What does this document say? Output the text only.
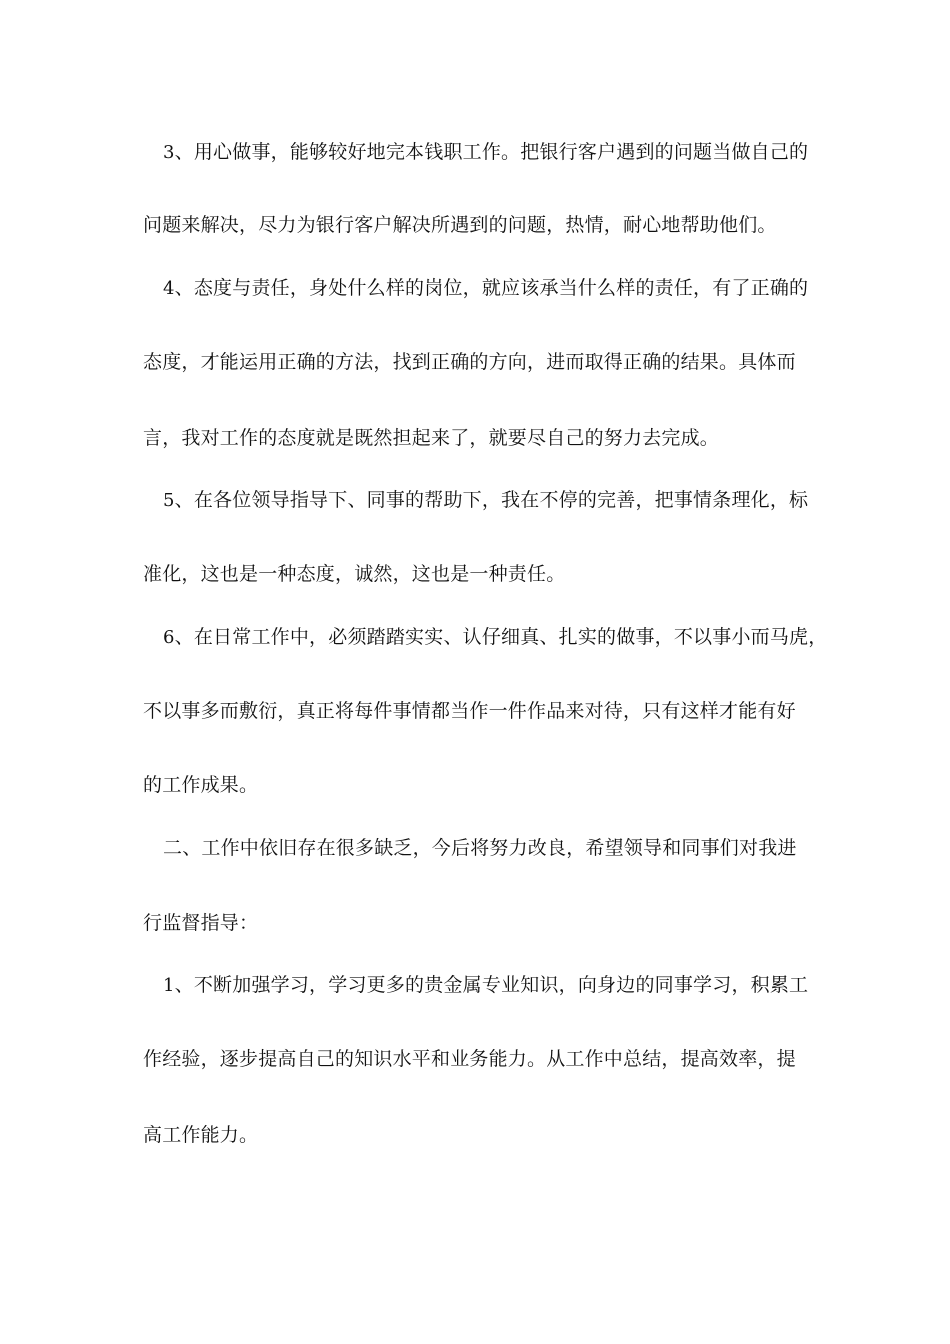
3、用心做事，能够较好地完本钱职工作。把银行客户遇到的问题当做自己的
问题来解决，尽力为银行客户解决所遇到的问题，热情，耐心地帮助他们。
4、态度与责任，身处什么样的岗位，就应该承当什么样的责任，有了正确的
态度，才能运用正确的方法，找到正确的方向，进而取得正确的结果。具体而
言，我对工作的态度就是既然担起来了，就要尽自己的努力去完成。
5、在各位领导指导下、同事的帮助下，我在不停的完善，把事情条理化，标
准化，这也是一种态度，诚然，这也是一种责任。
6、在日常工作中，必须踏踏实实、认仔细真、扎实的做事，不以事小而马虎，
不以事多而敷衍，真正将每件事情都当作一件作品来对待，只有这样才能有好
的工作成果。
二、工作中依旧存在很多缺乏，今后将努力改良，希望领导和同事们对我进
行监督指导：
1、不断加强学习，学习更多的贵金属专业知识，向身边的同事学习，积累工
作经验，逐步提高自己的知识水平和业务能力。从工作中总结，提高效率，提
高工作能力。
